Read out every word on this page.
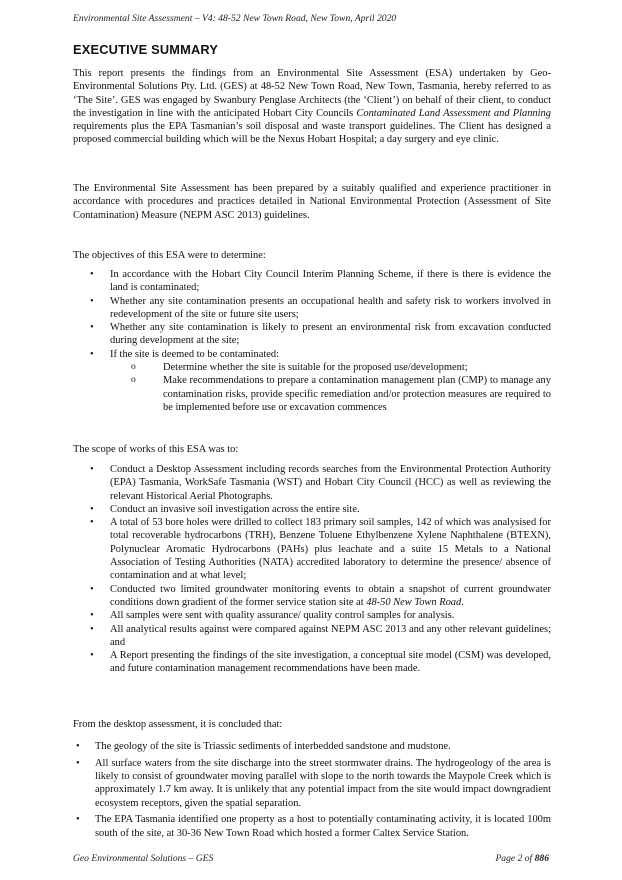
Environmental Site Assessment – V4: 48-52 New Town Road, New Town, April 2020
EXECUTIVE SUMMARY
This report presents the findings from an Environmental Site Assessment (ESA) undertaken by Geo-Environmental Solutions Pty. Ltd. (GES) at 48-52 New Town Road, New Town, Tasmania, hereby referred to as ‘The Site’. GES was engaged by Swanbury Penglase Architects (the ‘Client’) on behalf of their client, to conduct the investigation in line with the anticipated Hobart City Councils Contaminated Land Assessment and Planning requirements plus the EPA Tasmanian’s soil disposal and waste transport guidelines. The Client has designed a proposed commercial building which will be the Nexus Hobart Hospital; a day surgery and eye clinic.
The Environmental Site Assessment has been prepared by a suitably qualified and experience practitioner in accordance with procedures and practices detailed in National Environmental Protection (Assessment of Site Contamination) Measure (NEPM ASC 2013) guidelines.
The objectives of this ESA were to determine:
• In accordance with the Hobart City Council Interim Planning Scheme, if there is there is evidence the land is contaminated;
• Whether any site contamination presents an occupational health and safety risk to workers involved in redevelopment of the site or future site users;
• Whether any site contamination is likely to present an environmental risk from excavation conducted during development at the site;
• If the site is deemed to be contaminated:
o Determine whether the site is suitable for the proposed use/development;
o Make recommendations to prepare a contamination management plan (CMP) to manage any contamination risks, provide specific remediation and/or protection measures are required to be implemented before use or excavation commences
The scope of works of this ESA was to:
• Conduct a Desktop Assessment including records searches from the Environmental Protection Authority (EPA) Tasmania, WorkSafe Tasmania (WST) and Hobart City Council (HCC) as well as reviewing the relevant Historical Aerial Photographs.
• Conduct an invasive soil investigation across the entire site.
• A total of 53 bore holes were drilled to collect 183 primary soil samples, 142 of which was analysised for total recoverable hydrocarbons (TRH), Benzene Toluene Ethylbenzene Xylene Naphthalene (BTEXN), Polynuclear Aromatic Hydrocarbons (PAHs) plus leachate and a suite 15 Metals to a National Association of Testing Authorities (NATA) accredited laboratory to determine the presence/ absence of contamination and at what level;
• Conducted two limited groundwater monitoring events to obtain a snapshot of current groundwater conditions down gradient of the former service station site at 48-50 New Town Road.
• All samples were sent with quality assurance/ quality control samples for analysis.
• All analytical results against were compared against NEPM ASC 2013 and any other relevant guidelines; and
• A Report presenting the findings of the site investigation, a conceptual site model (CSM) was developed, and future contamination management recommendations have been made.
From the desktop assessment, it is concluded that:
• The geology of the site is Triassic sediments of interbedded sandstone and mudstone.
• All surface waters from the site discharge into the street stormwater drains. The hydrogeology of the area is likely to consist of groundwater moving parallel with slope to the north towards the Maypole Creek which is approximately 1.7 km away. It is unlikely that any potential impact from the site would impact downgradient ecosystem receptors, given the spatial separation.
• The EPA Tasmania identified one property as a host to potentially contaminating activity, it is located 100m south of the site, at 30-36 New Town Road which hosted a former Caltex Service Station.
Geo Environmental Solutions – GES	Page 2 of 886
